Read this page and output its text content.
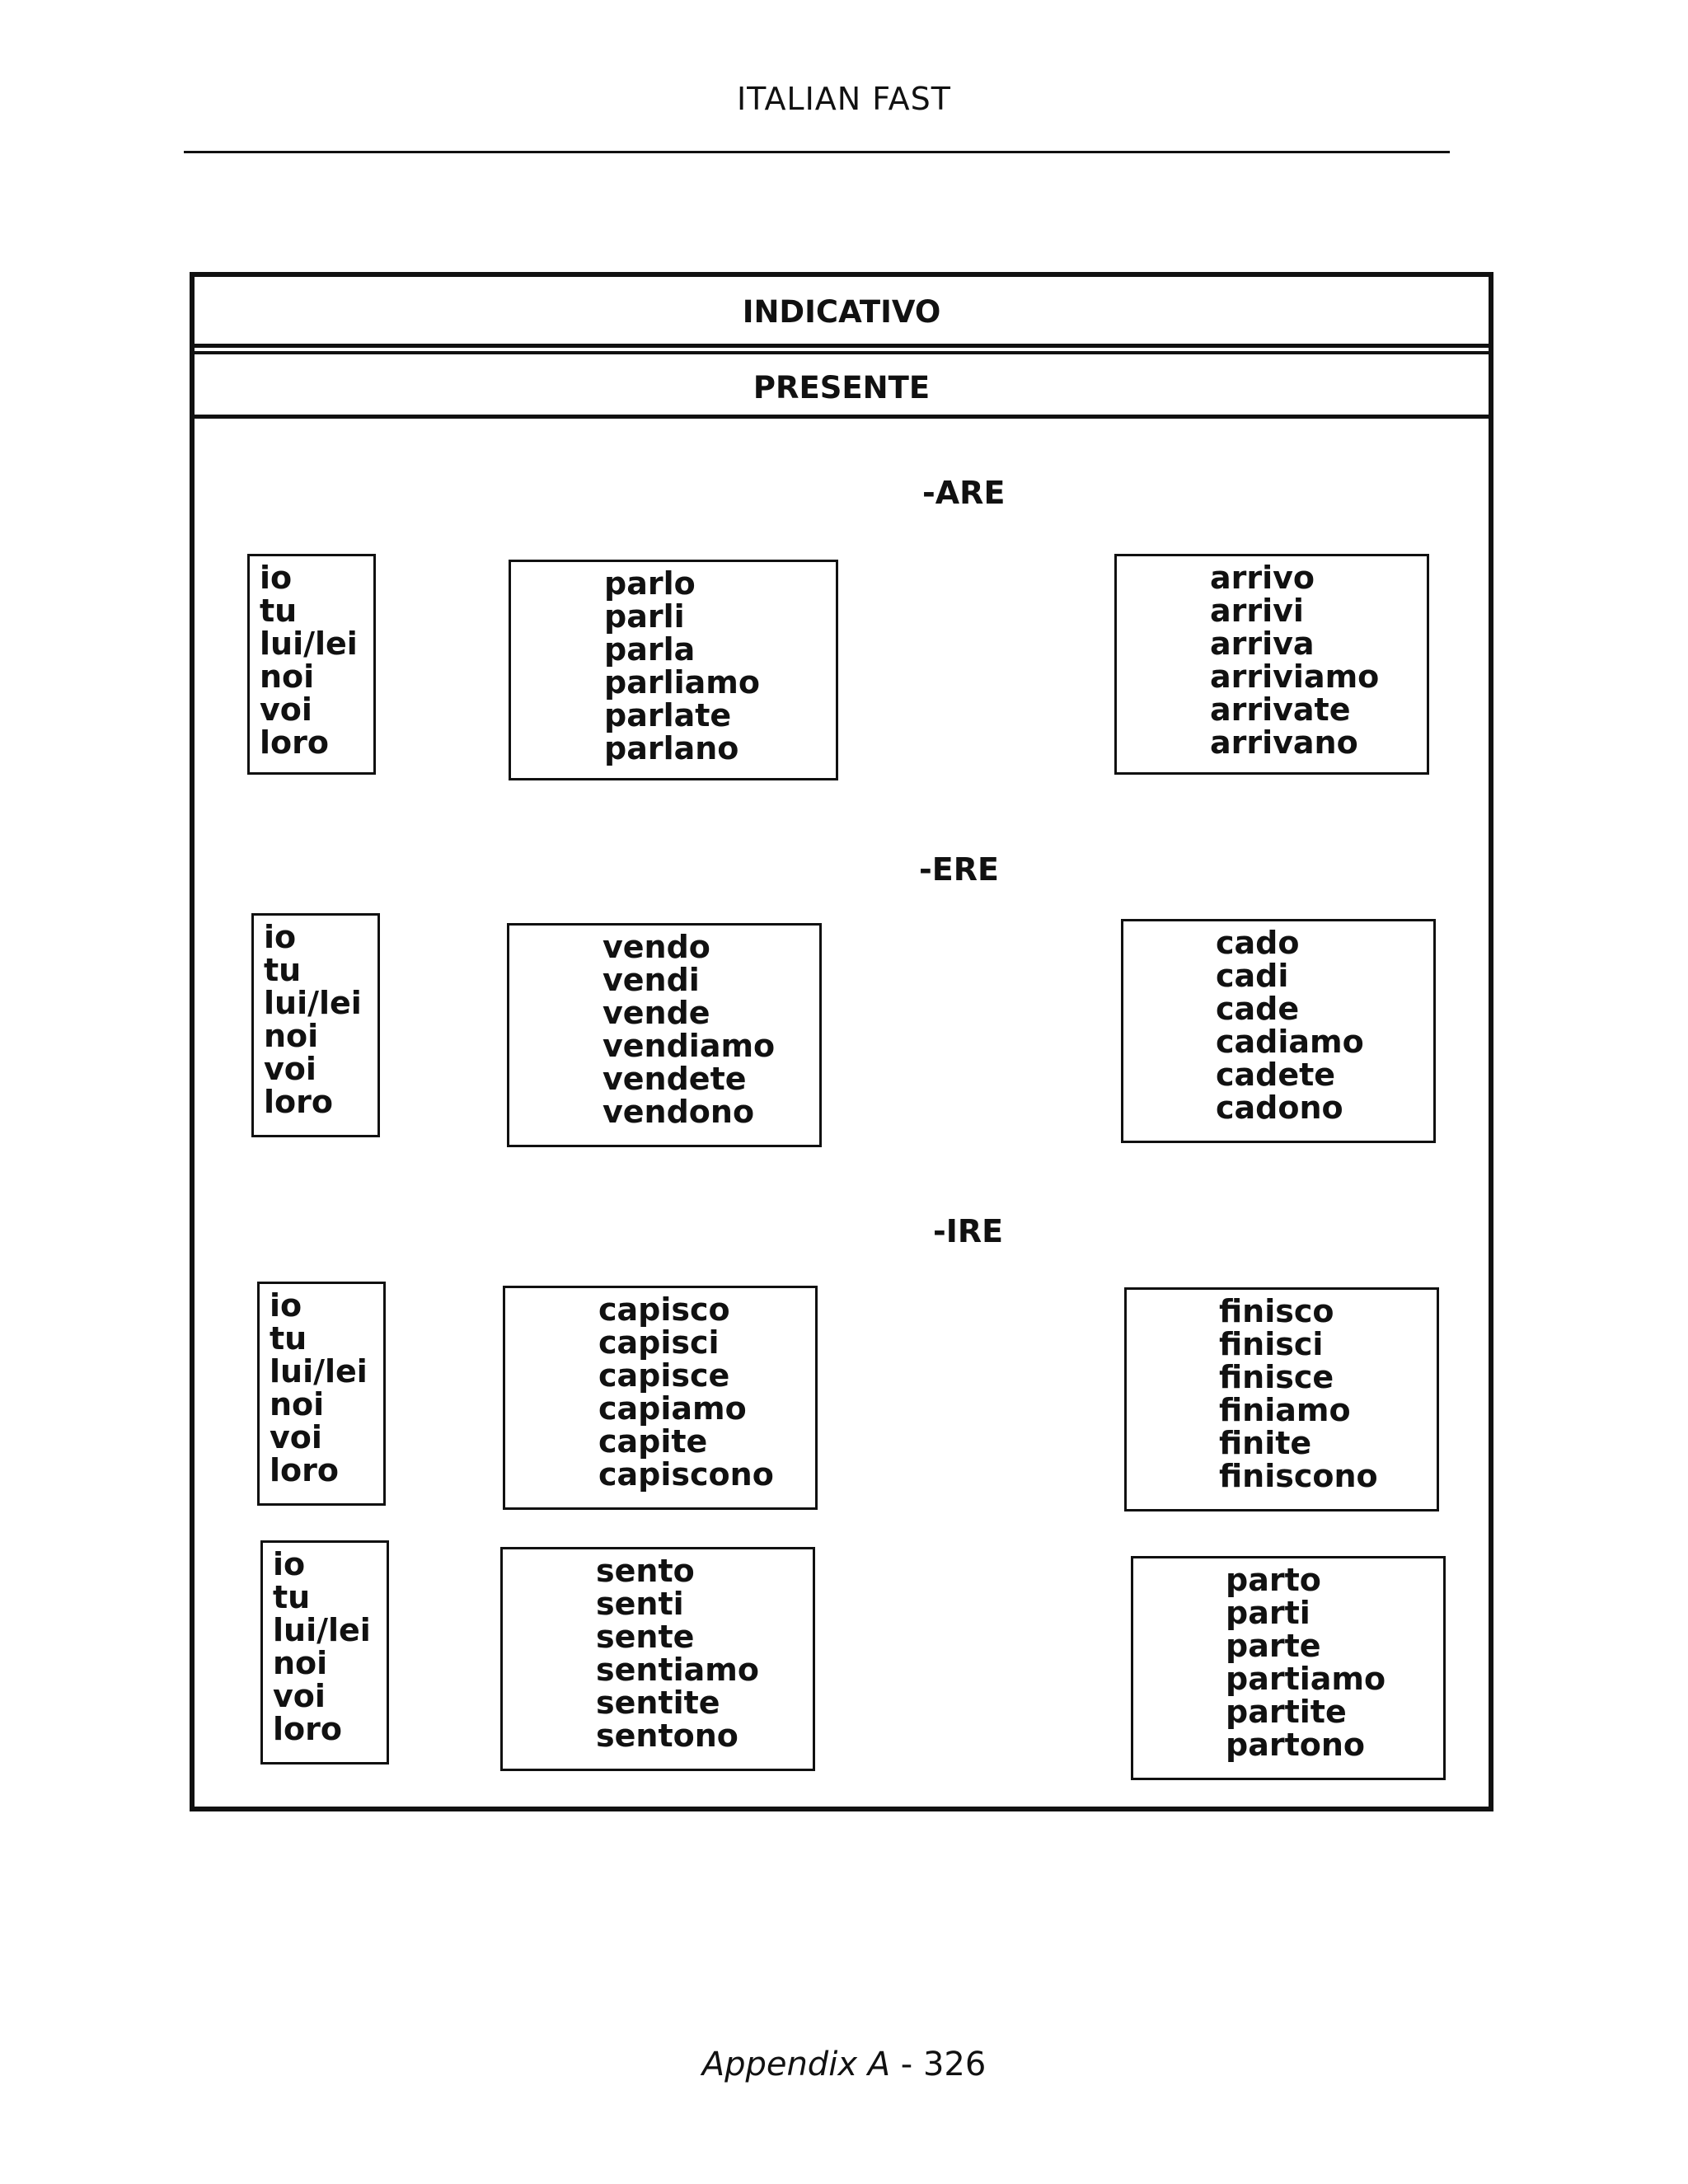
ITALIAN FAST
INDICATIVO
PRESENTE
-ARE
io
tu
lui/lei
noi
voi
loro
parlo
parli
parla
parliamo
parlate
parlano
arrivo
arrivi
arriva
arriviamo
arrivate
arrivano
-ERE
io
tu
lui/lei
noi
voi
loro
vendo
vendi
vende
vendiamo
vendete
vendono
cado
cadi
cade
cadiamo
cadete
cadono
-IRE
io
tu
lui/lei
noi
voi
loro
capisco
capisci
capisce
capiamo
capite
capiscono
finisco
finisci
finisce
finiamo
finite
finiscono
io
tu
lui/lei
noi
voi
loro
sento
senti
sente
sentiamo
sentite
sentono
parto
parti
parte
partiamo
partite
partono
Appendix A - 326
